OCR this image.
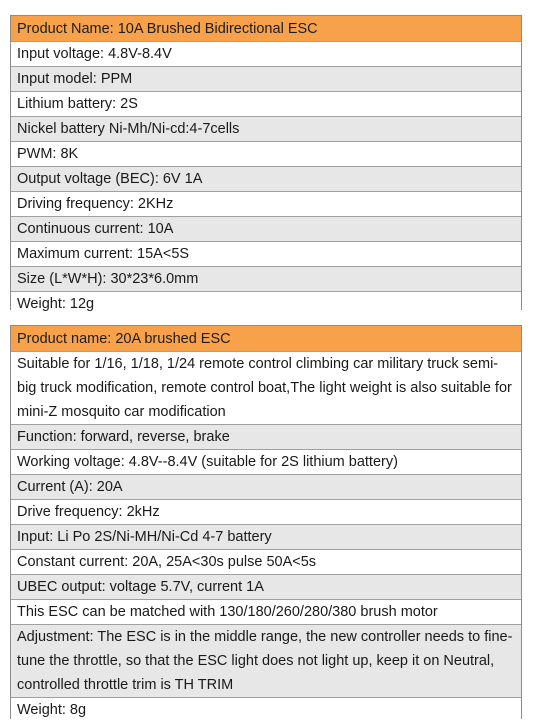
Product Name: 10A Brushed Bidirectional ESC
Input voltage: 4.8V-8.4V
Input model: PPM
Lithium battery: 2S
Nickel battery Ni-Mh/Ni-cd:4-7cells
PWM: 8K
Output voltage (BEC): 6V 1A
Driving frequency: 2KHz
Continuous current: 10A
Maximum current: 15A<5S
Size (L*W*H): 30*23*6.0mm
Weight: 12g
Product name: 20A brushed ESC
Suitable for 1/16, 1/18, 1/24 remote control climbing car military truck semi-big truck modification, remote control boat,The light weight is also suitable for mini-Z mosquito car modification
Function: forward, reverse, brake
Working voltage: 4.8V--8.4V (suitable for 2S lithium battery)
Current (A): 20A
Drive frequency: 2kHz
Input: Li Po 2S/Ni-MH/Ni-Cd 4-7 battery
Constant current: 20A, 25A<30s pulse 50A<5s
UBEC output: voltage 5.7V, current 1A
This ESC can be matched with 130/180/260/280/380 brush motor
Adjustment: The ESC is in the middle range, the new controller needs to fine-tune the throttle, so that the ESC light does not light up, keep it on Neutral, controlled throttle trim is TH TRIM
Weight: 8g
